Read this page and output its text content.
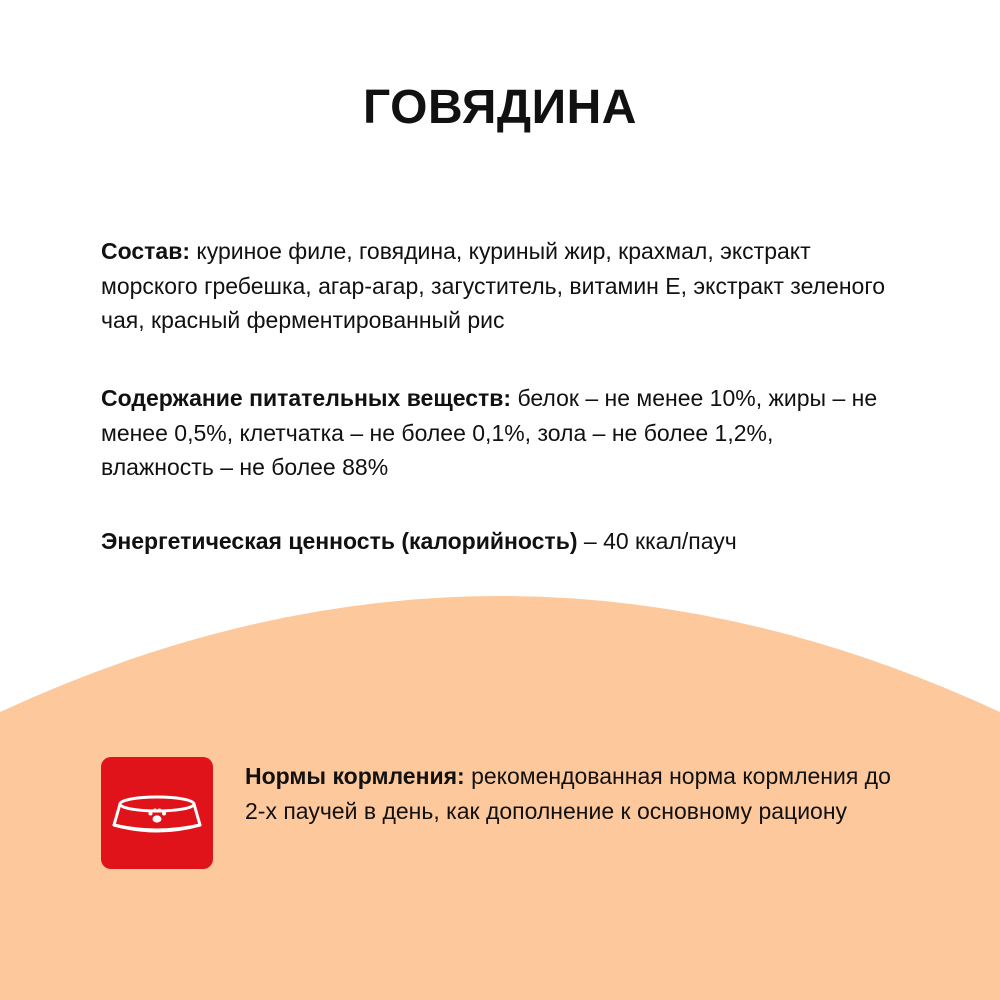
ГОВЯДИНА

Состав: куриное филе, говядина, куриный жир, крахмал, экстракт морского гребешка, агар-агар, загуститель, витамин Е, экстракт зеленого чая, красный ферментированный рис

Содержание питательных веществ: белок – не менее 10%, жиры – не менее 0,5%, клетчатка – не более 0,1%, зола – не более 1,2%, влажность – не более 88%

Энергетическая ценность (калорийность) – 40 ккал/пауч

Нормы кормления: рекомендованная норма кормления до 2-х паучей в день, как дополнение к основному рациону
